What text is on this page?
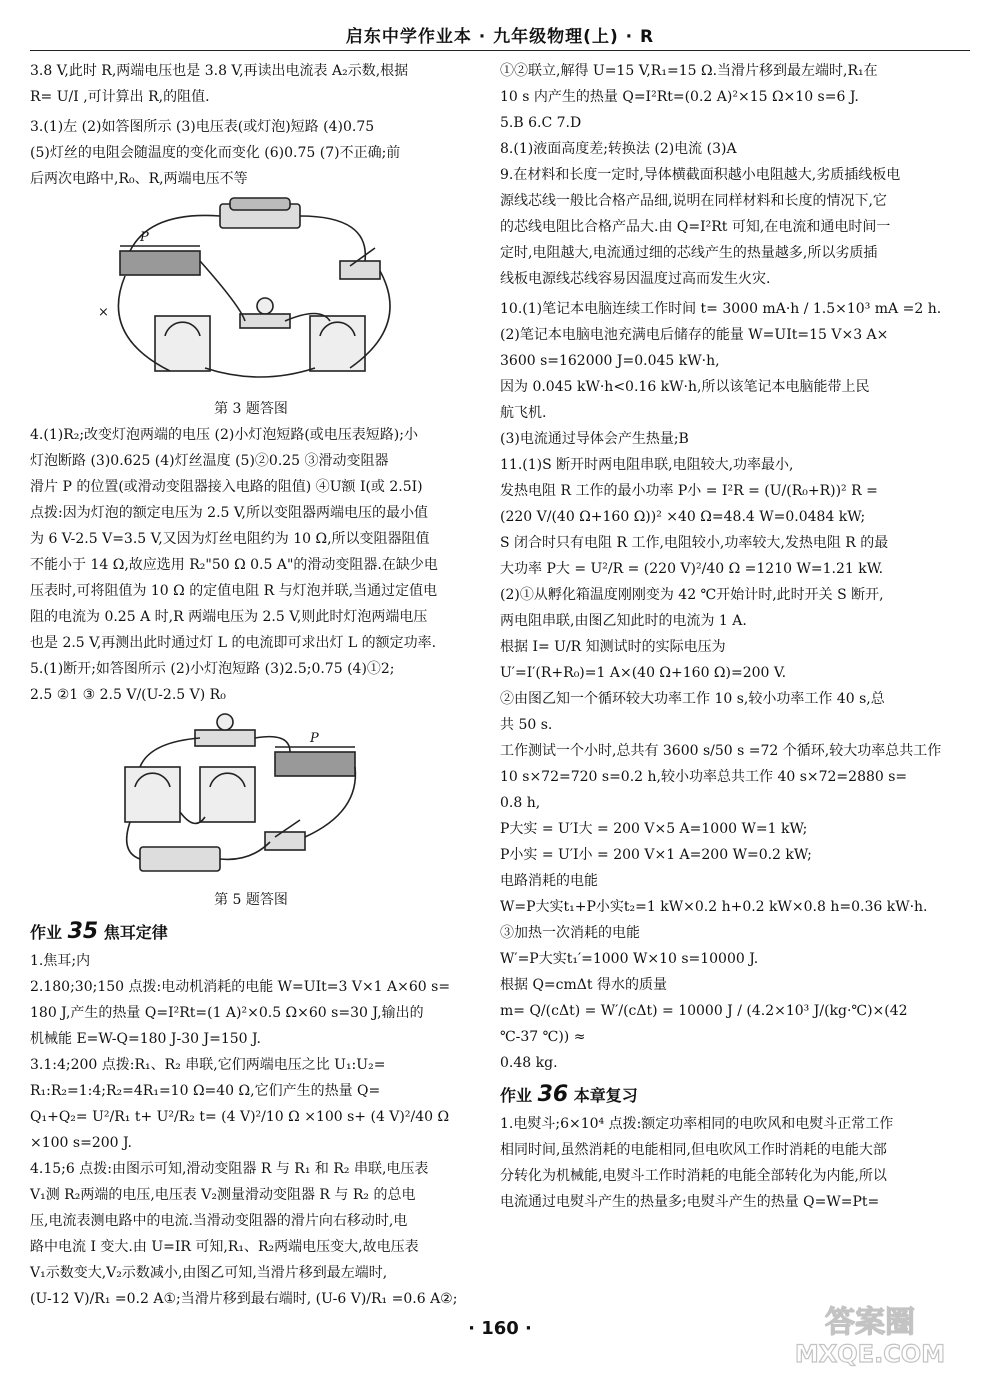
启东中学作业本 · 九年级物理(上) · R

3.8 V,此时 R,两端电压也是 3.8 V,再读出电流表 A₂示数,根据

R= U/I ,可计算出 R,的阻值.

3.(1)左 (2)如答图所示 (3)电压表(或灯泡)短路 (4)0.75

(5)灯丝的电阻会随温度的变化而变化 (6)0.75 (7)不正确;前

后两次电路中,R₀、R,两端电压不等

P
×

第 3 题答图

4.(1)R₂;改变灯泡两端的电压 (2)小灯泡短路(或电压表短路);小

灯泡断路 (3)0.625 (4)灯丝温度 (5)②0.25 ③滑动变阻器

滑片 P 的位置(或滑动变阻器接入电路的阻值) ④U额 I(或 2.5I)

点拨:因为灯泡的额定电压为 2.5 V,所以变阻器两端电压的最小值

为 6 V-2.5 V=3.5 V,又因为灯丝电阻约为 10 Ω,所以变阻器阻值

不能小于 14 Ω,故应选用 R₂"50 Ω 0.5 A"的滑动变阻器.在缺少电

压表时,可将阻值为 10 Ω 的定值电阻 R 与灯泡并联,当通过定值电

阻的电流为 0.25 A 时,R 两端电压为 2.5 V,则此时灯泡两端电压

也是 2.5 V,再测出此时通过灯 L 的电流即可求出灯 L 的额定功率.

5.(1)断开;如答图所示 (2)小灯泡短路 (3)2.5;0.75 (4)①2;

2.5 ②1 ③ 2.5 V/(U-2.5 V) R₀

P

第 5 题答图

作业 35 焦耳定律

1.焦耳;内

2.180;30;150 点拨:电动机消耗的电能 W=UIt=3 V×1 A×60 s=

180 J,产生的热量 Q=I²Rt=(1 A)²×0.5 Ω×60 s=30 J,输出的

机械能 E=W-Q=180 J-30 J=150 J.

3.1:4;200 点拨:R₁、R₂ 串联,它们两端电压之比 U₁:U₂=

R₁:R₂=1:4;R₂=4R₁=10 Ω=40 Ω,它们产生的热量 Q=

Q₁+Q₂= U²/R₁ t+ U²/R₂ t= (4 V)²/10 Ω ×100 s+ (4 V)²/40 Ω ×100 s=200 J.

4.15;6 点拨:由图示可知,滑动变阻器 R 与 R₁ 和 R₂ 串联,电压表

V₁测 R₂两端的电压,电压表 V₂测量滑动变阻器 R 与 R₂ 的总电

压,电流表测电路中的电流.当滑动变阻器的滑片向右移动时,电

路中电流 I 变大.由 U=IR 可知,R₁、R₂两端电压变大,故电压表

V₁示数变大,V₂示数减小,由图乙可知,当滑片移到最左端时,

(U-12 V)/R₁ =0.2 A①;当滑片移到最右端时, (U-6 V)/R₁ =0.6 A②;

①②联立,解得 U=15 V,R₁=15 Ω.当滑片移到最左端时,R₁在

10 s 内产生的热量 Q=I²Rt=(0.2 A)²×15 Ω×10 s=6 J.

5.B 6.C 7.D

8.(1)液面高度差;转换法 (2)电流 (3)A

9.在材料和长度一定时,导体横截面积越小电阻越大,劣质插线板电

源线芯线一般比合格产品细,说明在同样材料和长度的情况下,它

的芯线电阻比合格产品大.由 Q=I²Rt 可知,在电流和通电时间一

定时,电阻越大,电流通过细的芯线产生的热量越多,所以劣质插

线板电源线芯线容易因温度过高而发生火灾.

10.(1)笔记本电脑连续工作时间 t= 3000 mA·h / 1.5×10³ mA =2 h.

(2)笔记本电脑电池充满电后储存的能量 W=UIt=15 V×3 A×

3600 s=162000 J=0.045 kW·h,

因为 0.045 kW·h<0.16 kW·h,所以该笔记本电脑能带上民

航飞机.

(3)电流通过导体会产生热量;B

11.(1)S 断开时两电阻串联,电阻较大,功率最小,

发热电阻 R 工作的最小功率 P小 = I²R = (U/(R₀+R))² R =

(220 V/(40 Ω+160 Ω))² ×40 Ω=48.4 W=0.0484 kW;

S 闭合时只有电阻 R 工作,电阻较小,功率较大,发热电阻 R 的最

大功率 P大 = U²/R = (220 V)²/40 Ω =1210 W=1.21 kW.

(2)①从孵化箱温度刚刚变为 42 ℃开始计时,此时开关 S 断开,

两电阻串联,由图乙知此时的电流为 1 A.

根据 I= U/R 知测试时的实际电压为

U′=I′(R+R₀)=1 A×(40 Ω+160 Ω)=200 V.

②由图乙知一个循环较大功率工作 10 s,较小功率工作 40 s,总

共 50 s.

工作测试一个小时,总共有 3600 s/50 s =72 个循环,较大功率总共工作

10 s×72=720 s=0.2 h,较小功率总共工作 40 s×72=2880 s=

0.8 h,

P大实 = U′I大 = 200 V×5 A=1000 W=1 kW;

P小实 = U′I小 = 200 V×1 A=200 W=0.2 kW;

电路消耗的电能

W=P大实t₁+P小实t₂=1 kW×0.2 h+0.2 kW×0.8 h=0.36 kW·h.

③加热一次消耗的电能

W′=P大实t₁′=1000 W×10 s=10000 J.

根据 Q=cmΔt 得水的质量

m= Q/(cΔt) = W′/(cΔt) = 10000 J / (4.2×10³ J/(kg·℃)×(42 ℃-37 ℃)) ≈

0.48 kg.

作业 36 本章复习

1.电熨斗;6×10⁴ 点拨:额定功率相同的电吹风和电熨斗正常工作

相同时间,虽然消耗的电能相同,但电吹风工作时消耗的电能大部

分转化为机械能,电熨斗工作时消耗的电能全部转化为内能,所以

电流通过电熨斗产生的热量多;电熨斗产生的热量 Q=W=Pt=

· 160 ·	答案圈
MXQE.COM
